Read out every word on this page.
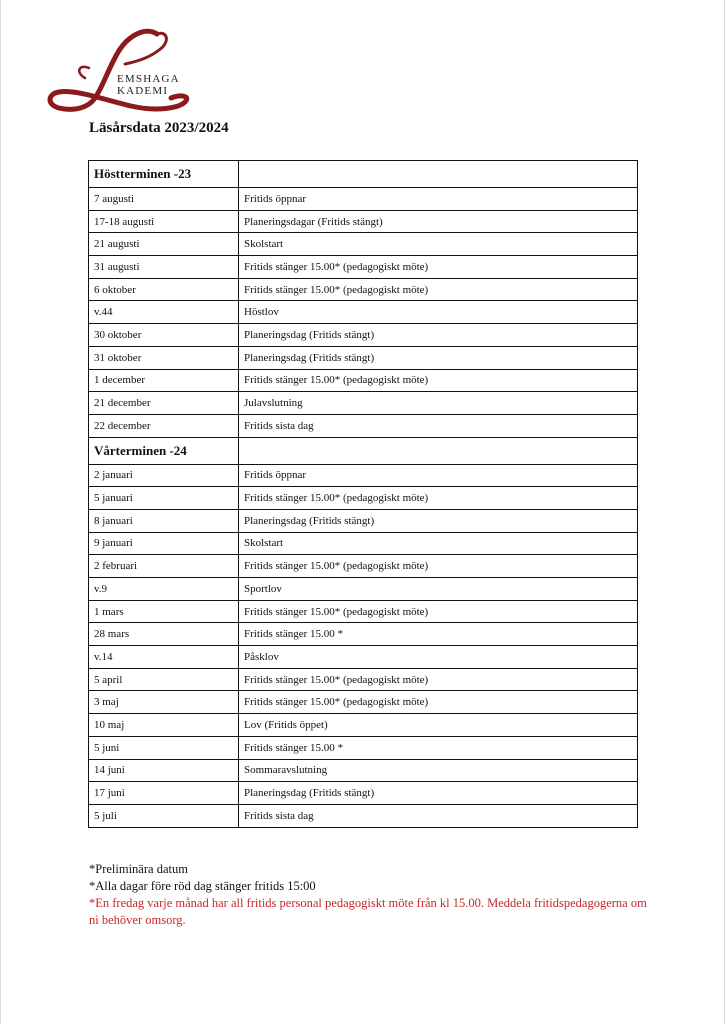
EMSHAGA
KADEMI
Läsårsdata 2023/2024
Höstterminen -23	
7 augusti	Fritids öppnar
17-18 augusti	Planeringsdagar (Fritids stängt)
21 augusti	Skolstart
31 augusti	Fritids stänger 15.00* (pedagogiskt möte)
6 oktober	Fritids stänger 15.00* (pedagogiskt möte)
v.44	Höstlov
30 oktober	Planeringsdag (Fritids stängt)
31 oktober	Planeringsdag (Fritids stängt)
1 december	Fritids stänger 15.00* (pedagogiskt möte)
21 december	Julavslutning
22 december	Fritids sista dag
Vårterminen -24	
2 januari	Fritids öppnar
5 januari	Fritids stänger 15.00* (pedagogiskt möte)
8 januari	Planeringsdag (Fritids stängt)
9 januari	Skolstart
2 februari	Fritids stänger 15.00* (pedagogiskt möte)
v.9	Sportlov
1 mars	Fritids stänger 15.00* (pedagogiskt möte)
28 mars	Fritids stänger 15.00 *
v.14	Påsklov
5 april	Fritids stänger 15.00* (pedagogiskt möte)
3 maj	Fritids stänger 15.00* (pedagogiskt möte)
10 maj	Lov (Fritids öppet)
5 juni	Fritids stänger 15.00 *
14 juni	Sommaravslutning
17 juni	Planeringsdag (Fritids stängt)
5 juli	Fritids sista dag
*Preliminära datum
*Alla dagar före röd dag stänger fritids 15:00
*En fredag varje månad har all fritids personal pedagogiskt möte från kl 15.00. Meddela fritidspedagogerna om ni behöver omsorg.
